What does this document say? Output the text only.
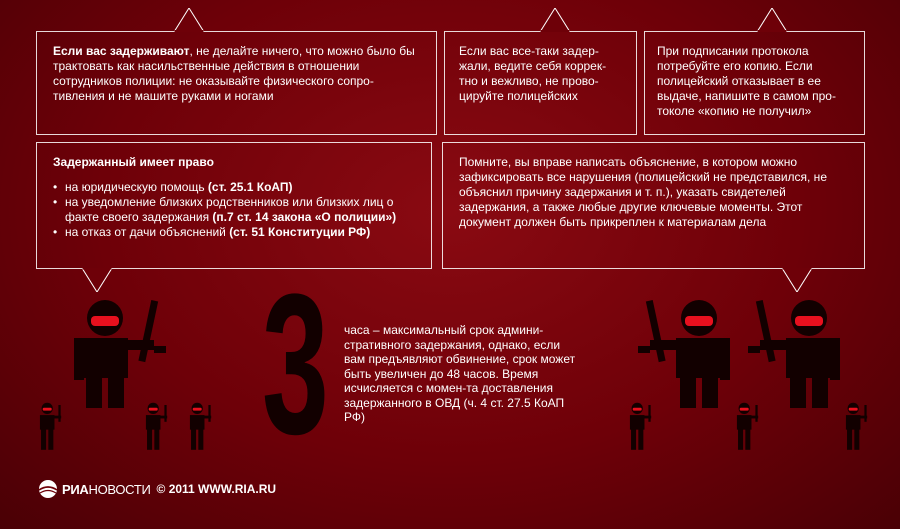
Если вас задерживают, не делайте ничего, что можно было бы трактовать как насильственные действия в отношении сотрудников полиции: не оказывайте физического сопро-тивления и не машите руками и ногами

Если вас все-таки задер-жали, ведите себя коррек-тно и вежливо, не прово-цируйте полицейских

При подписании протокола потребуйте его копию. Если полицейский отказывает в ее выдаче, напишите в самом про-токоле «копию не получил»

Задержанный имеет право

• на юридическую помощь (ст. 25.1 КоАП)
• на уведомление близких родственников или близких лиц о факте своего задержания (п.7 ст. 14 закона «О полиции»)
• на отказ от дачи объяснений (ст. 51 Конституции РФ)

Помните, вы вправе написать объяснение, в котором можно зафиксировать все нарушения (полицейский не представился, не объяснил причину задержания и т. п.), указать свидетелей задержания, а также любые другие ключевые моменты. Этот документ должен быть прикреплен к материалам дела

3 часа – максимальный срок админи-стративного задержания, однако, если вам предъявляют обвинение, срок может быть увеличен до 48 часов. Время исчисляется с момен-та доставления задержанного в ОВД (ч. 4 ст. 27.5 КоАП РФ)
РИАНОВОСТИ © 2011 WWW.RIA.RU
